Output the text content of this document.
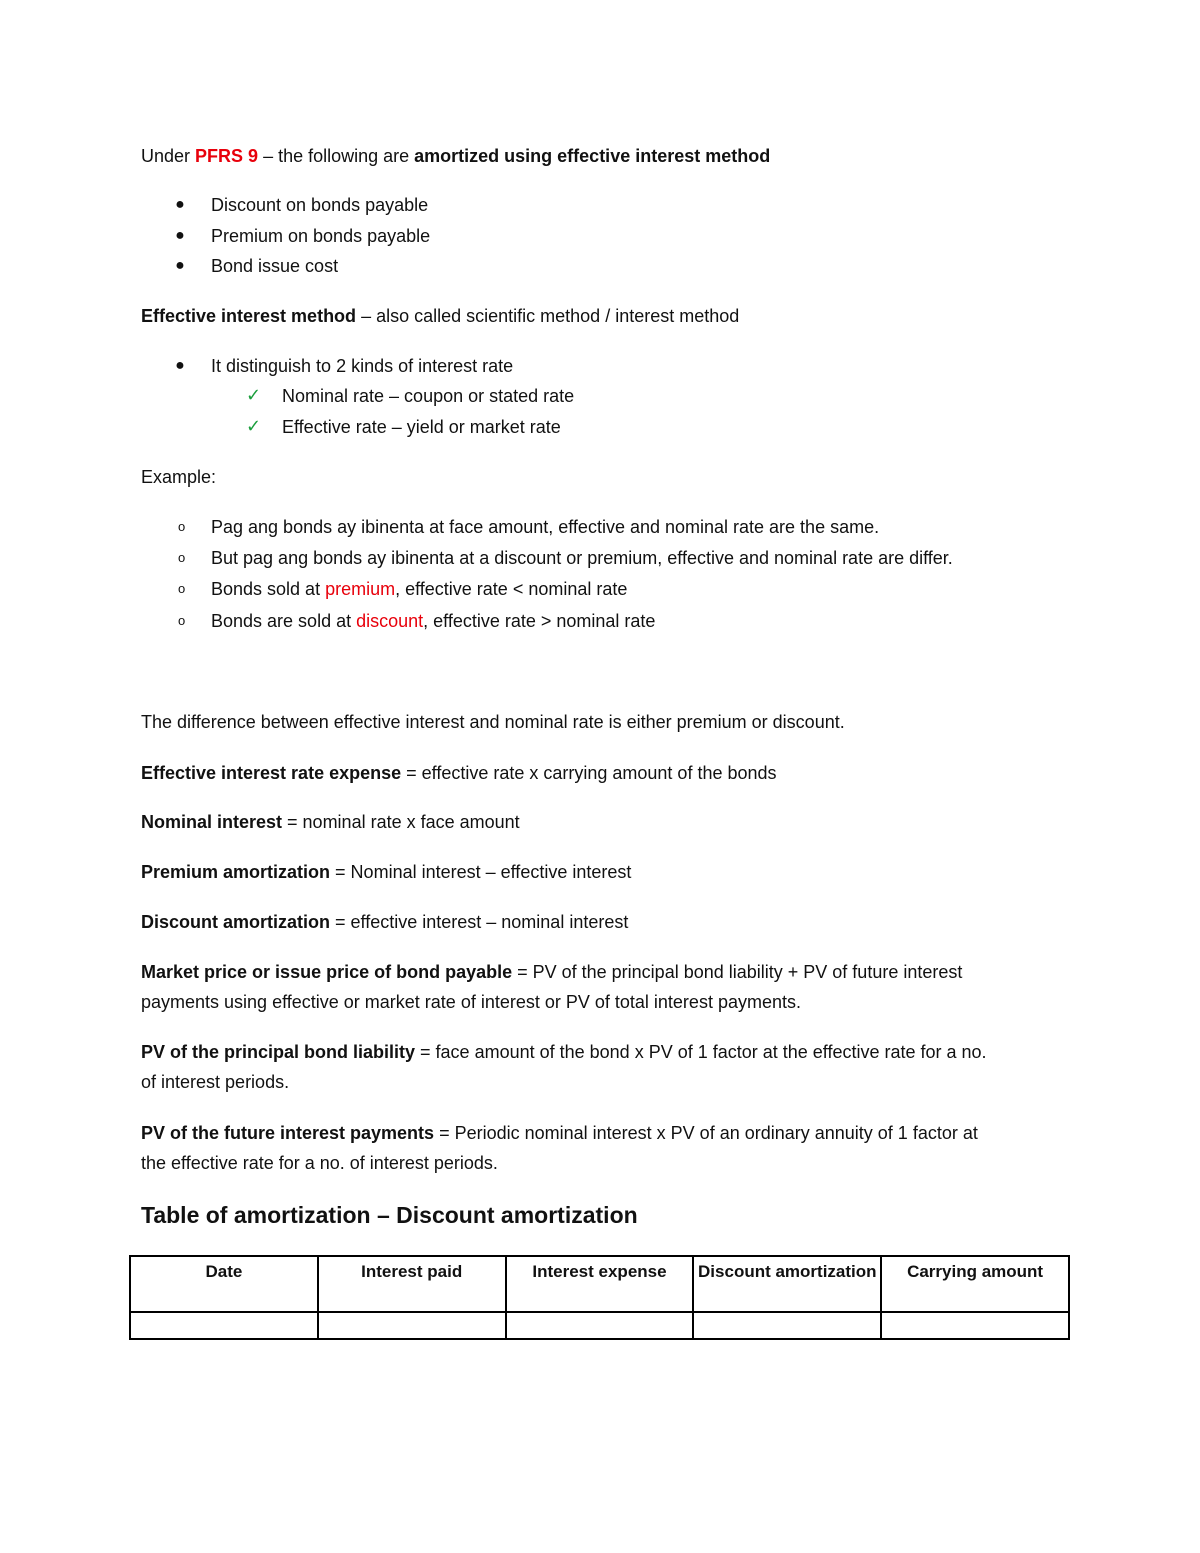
Under PFRS 9 – the following are amortized using effective interest method
● Discount on bonds payable
● Premium on bonds payable
● Bond issue cost
Effective interest method – also called scientific method / interest method
● It distinguish to 2 kinds of interest rate
✓ Nominal rate – coupon or stated rate
✓ Effective rate – yield or market rate
Example:
o Pag ang bonds ay ibinenta at face amount, effective and nominal rate are the same.
o But pag ang bonds ay ibinenta at a discount or premium, effective and nominal rate are differ.
o Bonds sold at premium, effective rate < nominal rate
o Bonds are sold at discount, effective rate > nominal rate
The difference between effective interest and nominal rate is either premium or discount.
Effective interest rate expense = effective rate x carrying amount of the bonds
Nominal interest = nominal rate x face amount
Premium amortization = Nominal interest – effective interest
Discount amortization = effective interest – nominal interest
Market price or issue price of bond payable = PV of the principal bond liability + PV of future interest
payments using effective or market rate of interest or PV of total interest payments.
PV of the principal bond liability = face amount of the bond x PV of 1 factor at the effective rate for a no.
of interest periods.
PV of the future interest payments = Periodic nominal interest x PV of an ordinary annuity of 1 factor at
the effective rate for a no. of interest periods.
Table of amortization – Discount amortization
Date	Interest paid	Interest expense	Discount amortization	Carrying amount
